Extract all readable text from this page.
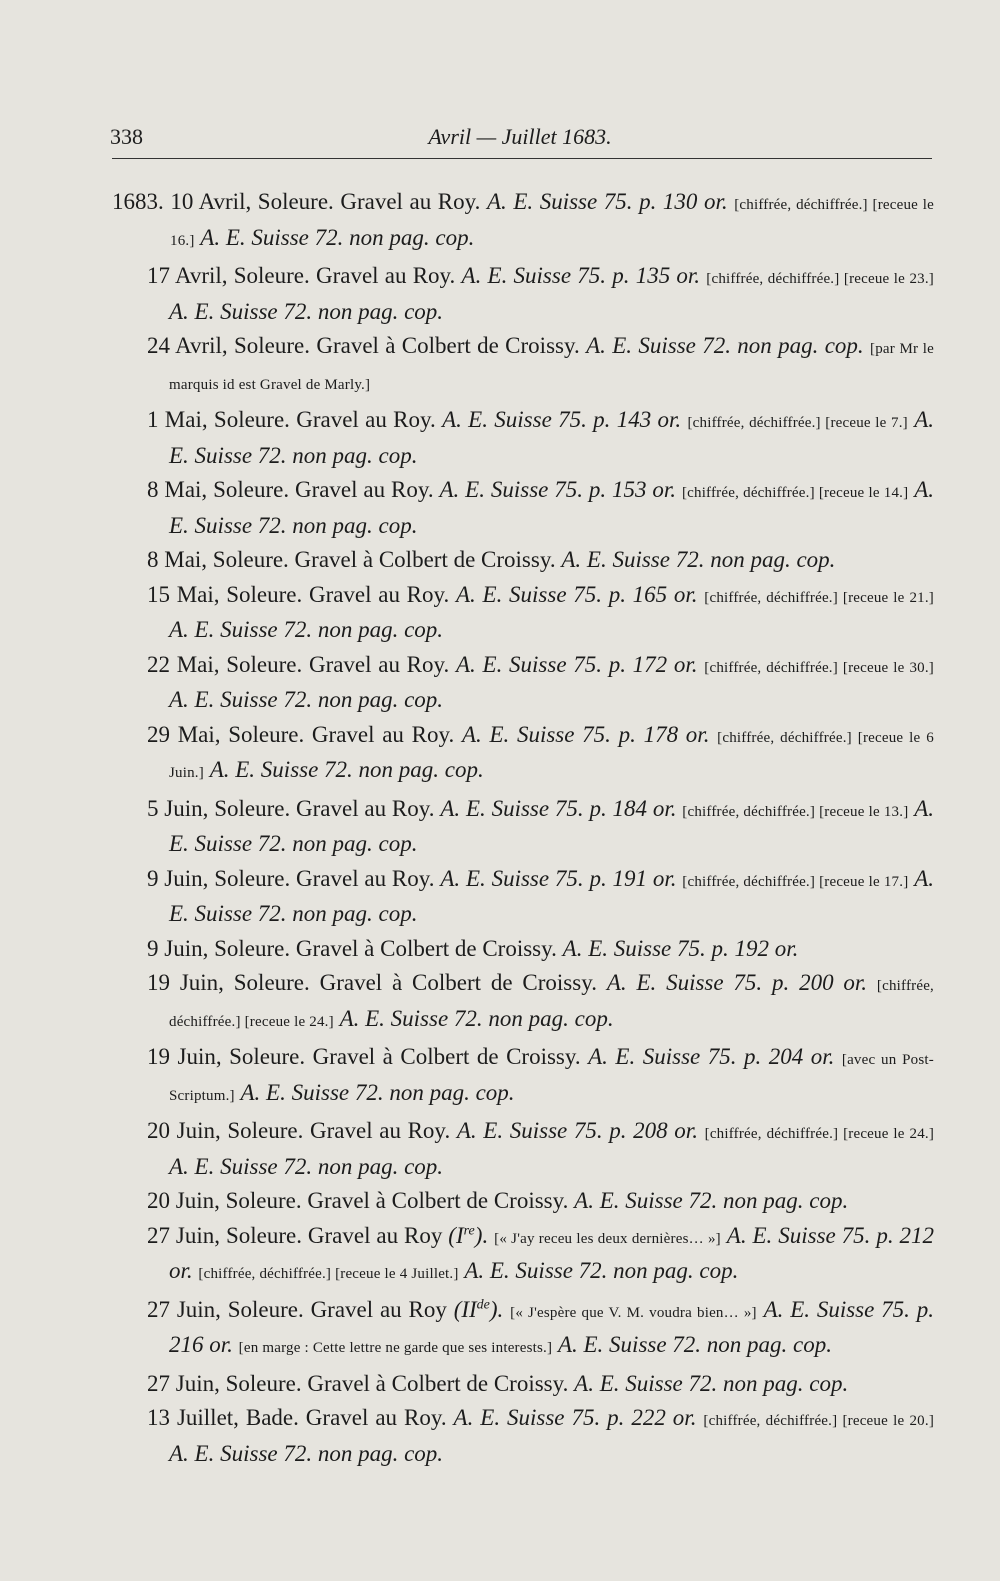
338	Avril — Juillet 1683.

1683. 10 Avril, Soleure. Gravel au Roy. A. E. Suisse 75. p. 130 or. [chiffrée, déchiffrée.] [receue le 16.] A. E. Suisse 72. non pag. cop.

17 Avril, Soleure. Gravel au Roy. A. E. Suisse 75. p. 135 or. [chiffrée, déchiffrée.] [receue le 23.] A. E. Suisse 72. non pag. cop.

24 Avril, Soleure. Gravel à Colbert de Croissy. A. E. Suisse 72. non pag. cop. [par Mr le marquis id est Gravel de Marly.]

1 Mai, Soleure. Gravel au Roy. A. E. Suisse 75. p. 143 or. [chiffrée, déchiffrée.] [receue le 7.] A. E. Suisse 72. non pag. cop.

8 Mai, Soleure. Gravel au Roy. A. E. Suisse 75. p. 153 or. [chiffrée, déchiffrée.] [receue le 14.] A. E. Suisse 72. non pag. cop.

8 Mai, Soleure. Gravel à Colbert de Croissy. A. E. Suisse 72. non pag. cop.

15 Mai, Soleure. Gravel au Roy. A. E. Suisse 75. p. 165 or. [chiffrée, déchiffrée.] [receue le 21.] A. E. Suisse 72. non pag. cop.

22 Mai, Soleure. Gravel au Roy. A. E. Suisse 75. p. 172 or. [chiffrée, déchiffrée.] [receue le 30.] A. E. Suisse 72. non pag. cop.

29 Mai, Soleure. Gravel au Roy. A. E. Suisse 75. p. 178 or. [chiffrée, déchiffrée.] [receue le 6 Juin.] A. E. Suisse 72. non pag. cop.

5 Juin, Soleure. Gravel au Roy. A. E. Suisse 75. p. 184 or. [chiffrée, déchiffrée.] [receue le 13.] A. E. Suisse 72. non pag. cop.

9 Juin, Soleure. Gravel au Roy. A. E. Suisse 75. p. 191 or. [chiffrée, déchiffrée.] [receue le 17.] A. E. Suisse 72. non pag. cop.

9 Juin, Soleure. Gravel à Colbert de Croissy. A. E. Suisse 75. p. 192 or.

19 Juin, Soleure. Gravel à Colbert de Croissy. A. E. Suisse 75. p. 200 or. [chiffrée, déchiffrée.] [receue le 24.] A. E. Suisse 72. non pag. cop.

19 Juin, Soleure. Gravel à Colbert de Croissy. A. E. Suisse 75. p. 204 or. [avec un Post-Scriptum.] A. E. Suisse 72. non pag. cop.

20 Juin, Soleure. Gravel au Roy. A. E. Suisse 75. p. 208 or. [chiffrée, déchiffrée.] [receue le 24.] A. E. Suisse 72. non pag. cop.

20 Juin, Soleure. Gravel à Colbert de Croissy. A. E. Suisse 72. non pag. cop.

27 Juin, Soleure. Gravel au Roy (Ire). [« J'ay receu les deux dernières… »] A. E. Suisse 75. p. 212 or. [chiffrée, déchiffrée.] [receue le 4 Juillet.] A. E. Suisse 72. non pag. cop.

27 Juin, Soleure. Gravel au Roy (IIde). [« J'espère que V. M. voudra bien… »] A. E. Suisse 75. p. 216 or. [en marge : Cette lettre ne garde que ses interests.] A. E. Suisse 72. non pag. cop.

27 Juin, Soleure. Gravel à Colbert de Croissy. A. E. Suisse 72. non pag. cop.

13 Juillet, Bade. Gravel au Roy. A. E. Suisse 75. p. 222 or. [chiffrée, déchiffrée.] [receue le 20.] A. E. Suisse 72. non pag. cop.
